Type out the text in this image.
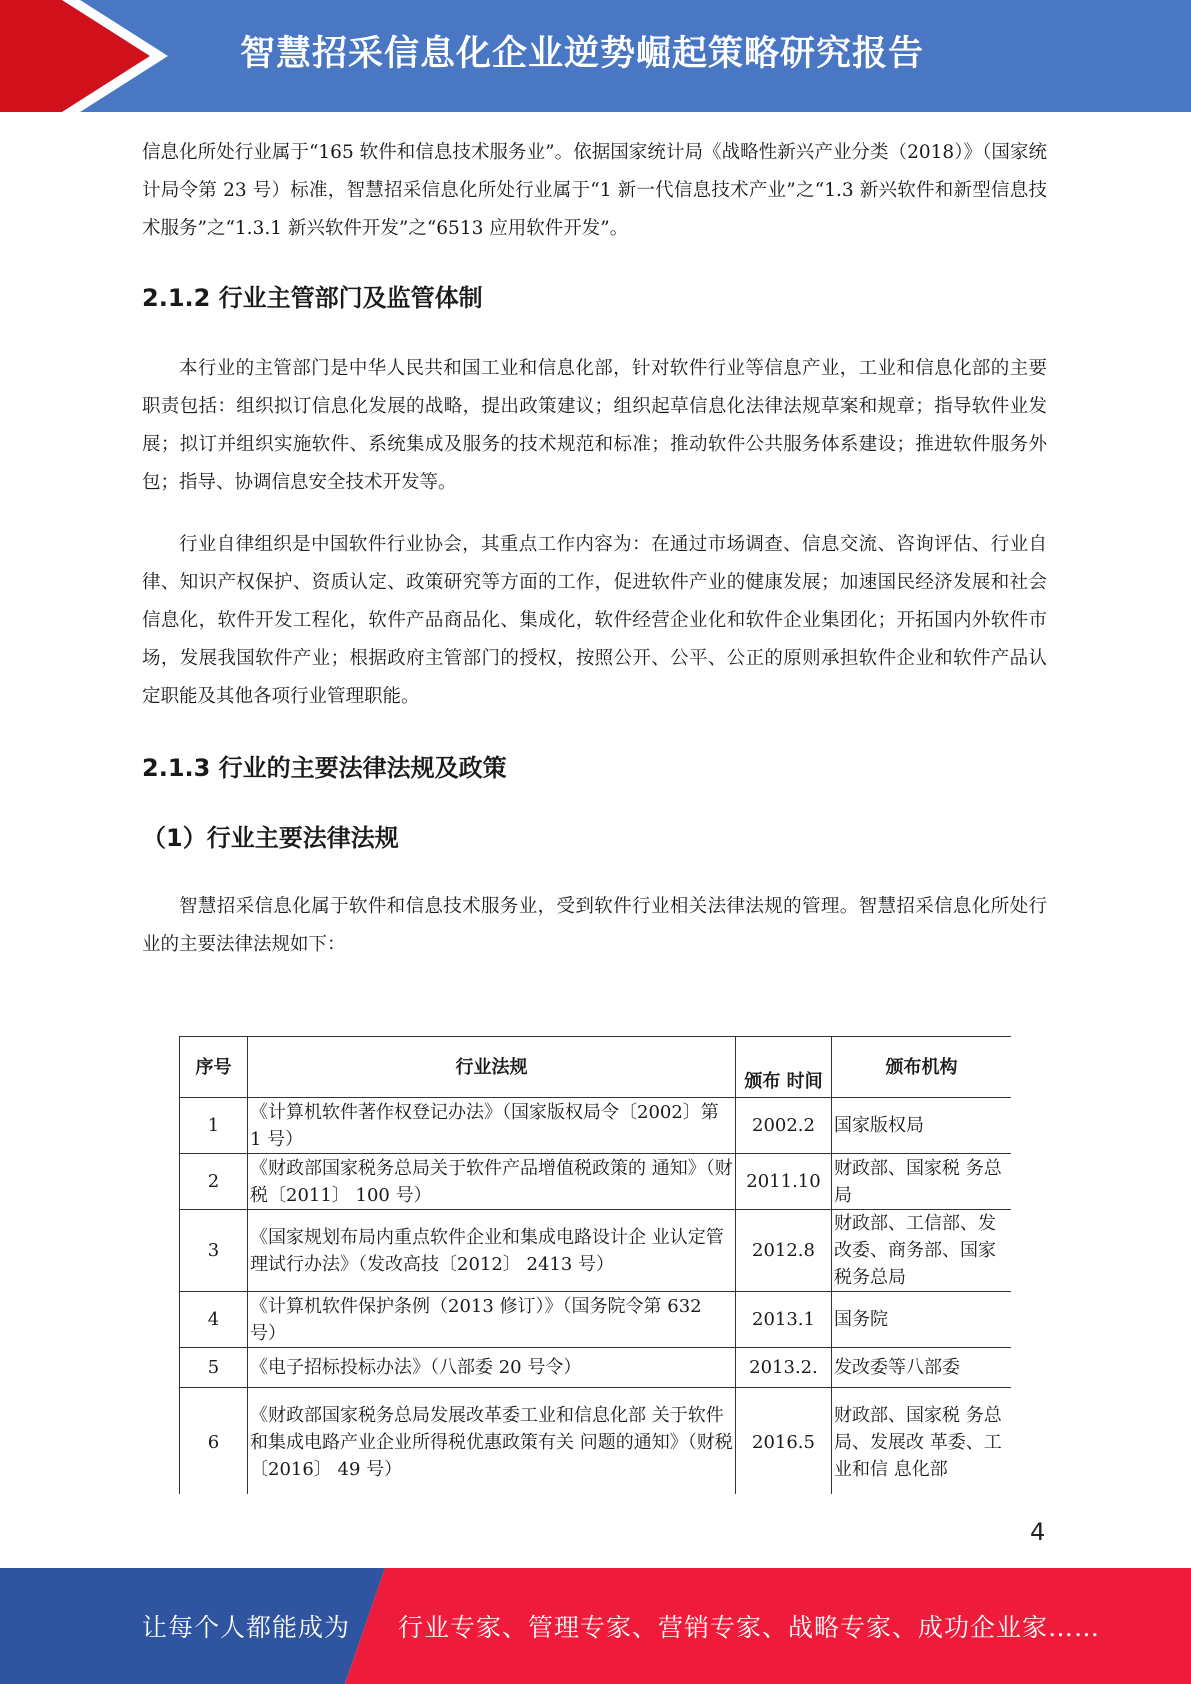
智慧招采信息化企业逆势崛起策略研究报告

信息化所处行业属于“165 软件和信息技术服务业”。依据国家统计局《战略性新兴产业分类（2018）》（国家统计局令第 23 号）标准，智慧招采信息化所处行业属于“1 新一代信息技术产业”之“1.3 新兴软件和新型信息技术服务”之“1.3.1 新兴软件开发”之“6513 应用软件开发”。

2.1.2 行业主管部门及监管体制

本行业的主管部门是中华人民共和国工业和信息化部，针对软件行业等信息产业，工业和信息化部的主要职责包括：组织拟订信息化发展的战略，提出政策建议；组织起草信息化法律法规草案和规章；指导软件业发展；拟订并组织实施软件、系统集成及服务的技术规范和标准；推动软件公共服务体系建设；推进软件服务外包；指导、协调信息安全技术开发等。

行业自律组织是中国软件行业协会，其重点工作内容为：在通过市场调查、信息交流、咨询评估、行业自律、知识产权保护、资质认定、政策研究等方面的工作，促进软件产业的健康发展；加速国民经济发展和社会信息化，软件开发工程化，软件产品商品化、集成化，软件经营企业化和软件企业集团化；开拓国内外软件市场，发展我国软件产业；根据政府主管部门的授权，按照公开、公平、公正的原则承担软件企业和软件产品认定职能及其他各项行业管理职能。

2.1.3 行业的主要法律法规及政策
（1）行业主要法律法规

智慧招采信息化属于软件和信息技术服务业，受到软件行业相关法律法规的管理。智慧招采信息化所处行业的主要法律法规如下：

序号	行业法规	颁布 时间	颁布机构
1	《计算机软件著作权登记办法》（国家版权局令〔2002〕第 1 号）	2002.2	国家版权局
2	《财政部国家税务总局关于软件产品增值税政策的 通知》（财税〔2011〕 100 号）	2011.10	财政部、国家税 务总局
3	《国家规划布局内重点软件企业和集成电路设计企 业认定管理试行办法》（发改高技〔2012〕 2413 号）	2012.8	财政部、工信部、发改委、商务部、国家税务总局
4	《计算机软件保护条例（2013 修订）》（国务院令第 632 号）	2013.1	国务院
5	《电子招标投标办法》（八部委 20 号令）	2013.2.	发改委等八部委
6	《财政部国家税务总局发展改革委工业和信息化部 关于软件和集成电路产业企业所得税优惠政策有关 问题的通知》（财税〔2016〕 49 号）	2016.5	财政部、国家税 务总局、发展改 革委、工业和信 息化部
4
让每个人都能成为 行业专家、管理专家、营销专家、战略专家、成功企业家……
